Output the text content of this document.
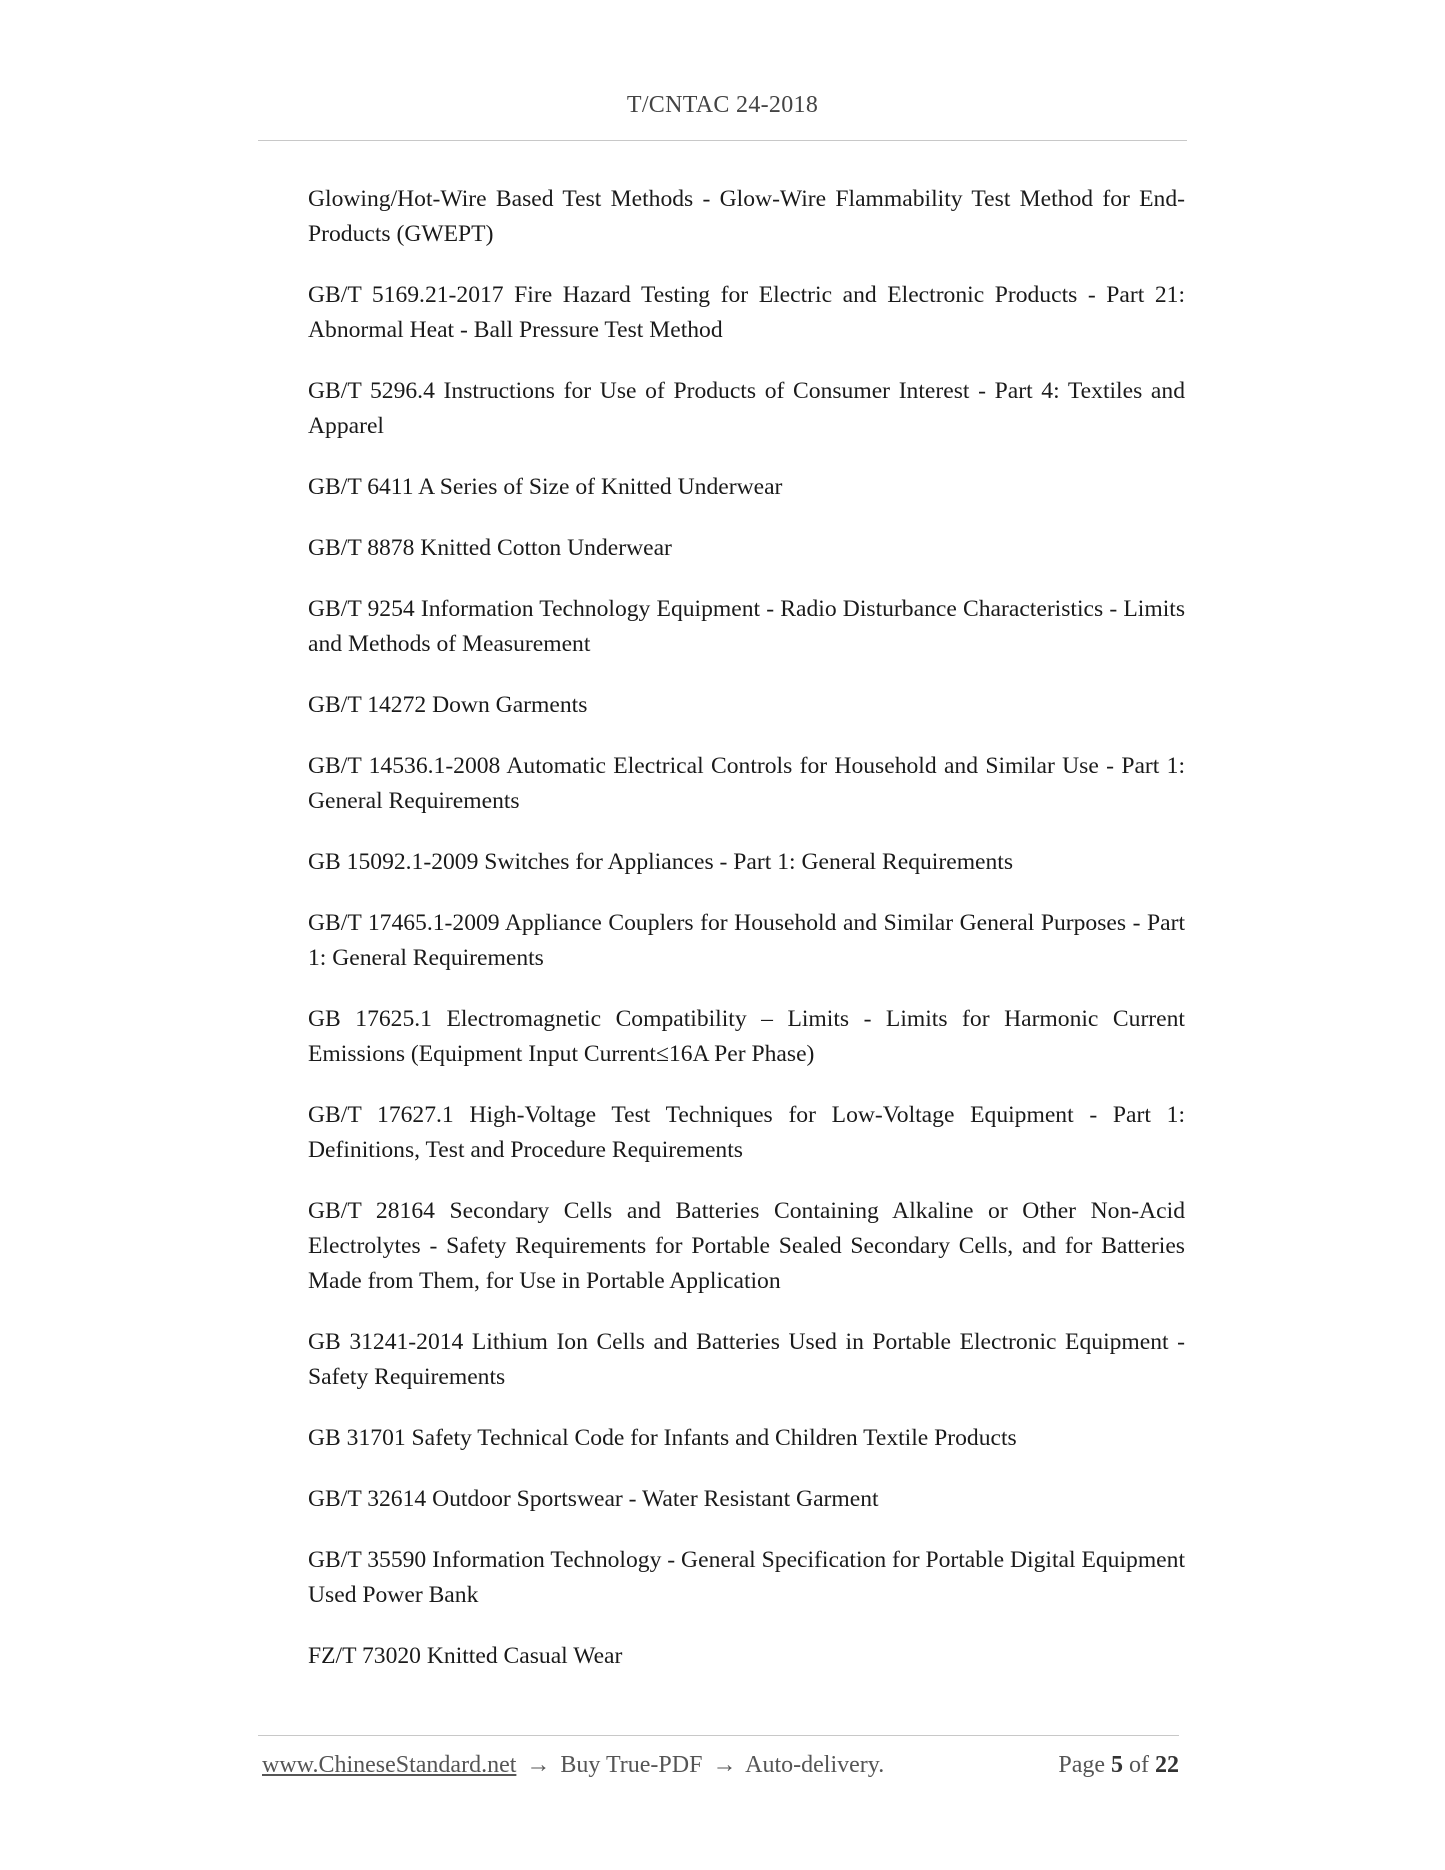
T/CNTAC 24-2018

Glowing/Hot-Wire Based Test Methods - Glow-Wire Flammability Test Method for End-Products (GWEPT)

GB/T 5169.21-2017 Fire Hazard Testing for Electric and Electronic Products - Part 21: Abnormal Heat - Ball Pressure Test Method

GB/T 5296.4 Instructions for Use of Products of Consumer Interest - Part 4: Textiles and Apparel

GB/T 6411 A Series of Size of Knitted Underwear

GB/T 8878 Knitted Cotton Underwear

GB/T 9254 Information Technology Equipment - Radio Disturbance Characteristics - Limits and Methods of Measurement

GB/T 14272 Down Garments

GB/T 14536.1-2008 Automatic Electrical Controls for Household and Similar Use - Part 1: General Requirements

GB 15092.1-2009 Switches for Appliances - Part 1: General Requirements

GB/T 17465.1-2009 Appliance Couplers for Household and Similar General Purposes - Part 1: General Requirements

GB 17625.1 Electromagnetic Compatibility – Limits - Limits for Harmonic Current Emissions (Equipment Input Current≤16A Per Phase)

GB/T 17627.1 High-Voltage Test Techniques for Low-Voltage Equipment - Part 1: Definitions, Test and Procedure Requirements

GB/T 28164 Secondary Cells and Batteries Containing Alkaline or Other Non-Acid Electrolytes - Safety Requirements for Portable Sealed Secondary Cells, and for Batteries Made from Them, for Use in Portable Application

GB 31241-2014 Lithium Ion Cells and Batteries Used in Portable Electronic Equipment - Safety Requirements

GB 31701 Safety Technical Code for Infants and Children Textile Products

GB/T 32614 Outdoor Sportswear - Water Resistant Garment

GB/T 35590 Information Technology - General Specification for Portable Digital Equipment Used Power Bank

FZ/T 73020 Knitted Casual Wear

www.ChineseStandard.net → Buy True-PDF → Auto-delivery.	Page 5 of 22
